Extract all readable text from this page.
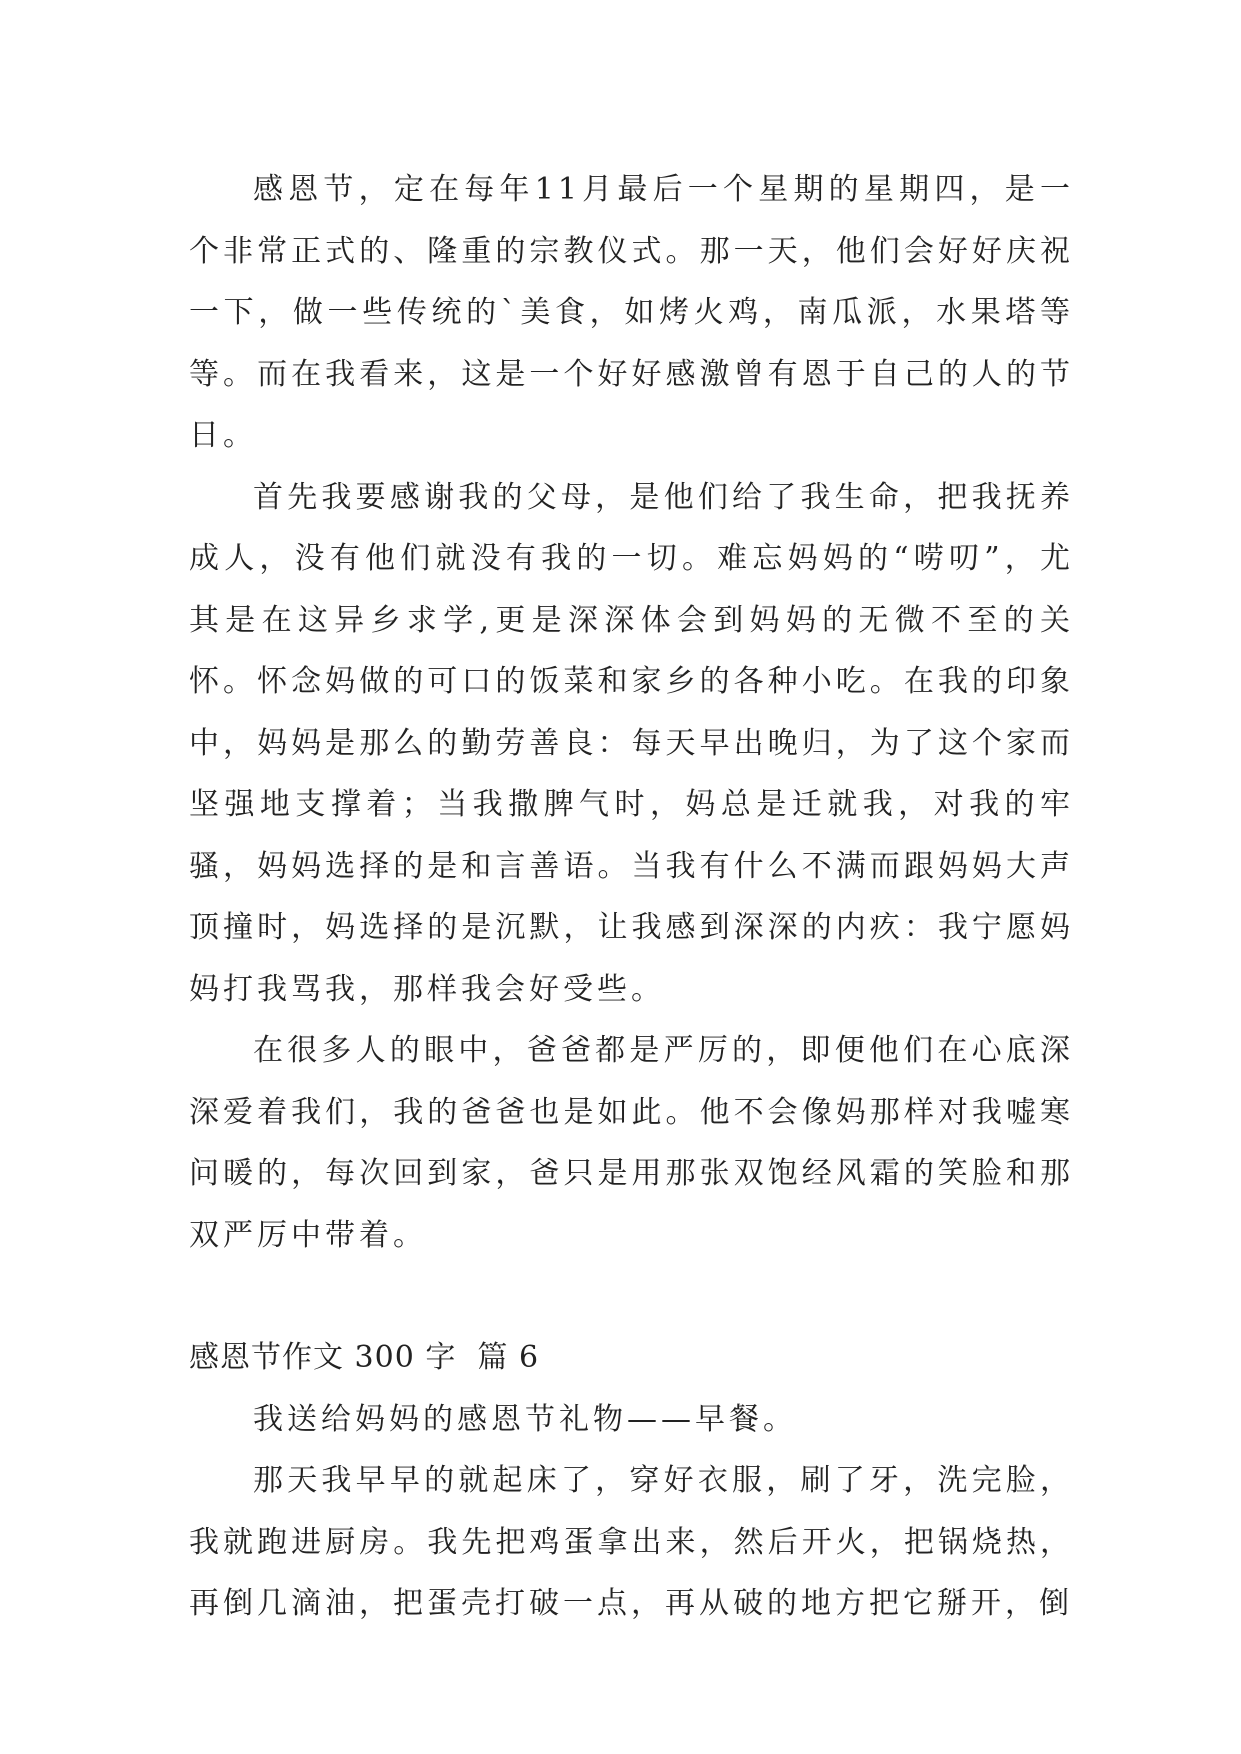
感恩节，定在每年11月最后一个星期的星期四，是一个非常正式的、隆重的宗教仪式。那一天，他们会好好庆祝一下，做一些传统的`美食，如烤火鸡，南瓜派，水果塔等等。而在我看来，这是一个好好感激曾有恩于自己的人的节日。

首先我要感谢我的父母，是他们给了我生命，把我抚养成人，没有他们就没有我的一切。难忘妈妈的“唠叨”，尤其是在这异乡求学,更是深深体会到妈妈的无微不至的关怀。怀念妈做的可口的饭菜和家乡的各种小吃。在我的印象中，妈妈是那么的勤劳善良：每天早出晚归，为了这个家而坚强地支撑着；当我撒脾气时，妈总是迁就我，对我的牢骚，妈妈选择的是和言善语。当我有什么不满而跟妈妈大声顶撞时，妈选择的是沉默，让我感到深深的内疚：我宁愿妈妈打我骂我，那样我会好受些。

在很多人的眼中，爸爸都是严厉的，即便他们在心底深深爱着我们，我的爸爸也是如此。他不会像妈那样对我嘘寒问暖的，每次回到家，爸只是用那张双饱经风霜的笑脸和那双严厉中带着。

感恩节作文 300 字  篇 6

我送给妈妈的感恩节礼物——早餐。

那天我早早的就起床了，穿好衣服，刷了牙，洗完脸，我就跑进厨房。我先把鸡蛋拿出来，然后开火，把锅烧热，再倒几滴油，把蛋壳打破一点，再从破的地方把它掰开，倒
